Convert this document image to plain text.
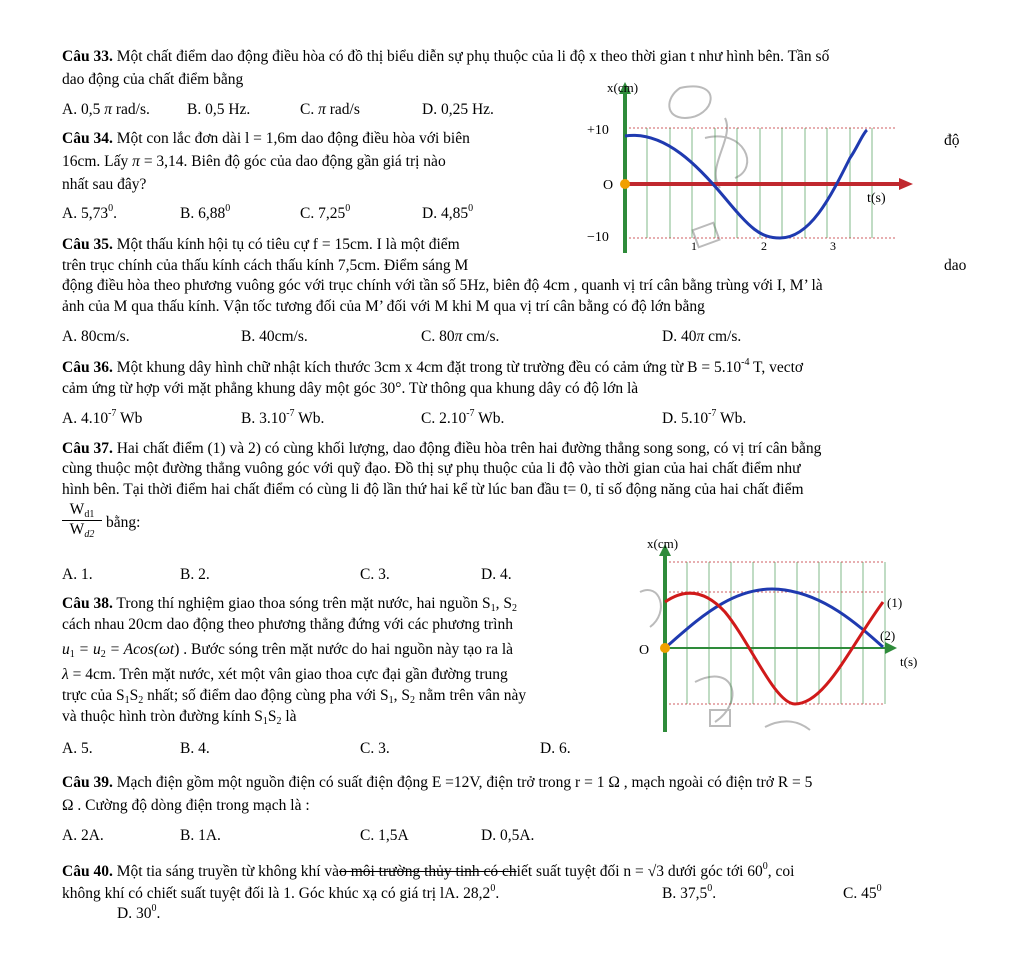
Câu 33. Một chất điểm dao động điều hòa có đồ thị biểu diễn sự phụ thuộc của li độ x theo thời gian t như hình bên. Tần số
dao động của chất điểm bằng
A. 0,5 π rad/s. B. 0,5 Hz.	C. π rad/s	D. 0,25 Hz.
Câu 34. Một con lắc đơn dài l = 1,6m dao động điều hòa với biên	độ
16cm. Lấy π = 3,14. Biên độ góc của dao động gần giá trị nào
nhất sau đây?
A. 5,73$^0$.	B. 6,88$^0$	C. 7,25$^0$	D. 4,85$^0$
Câu 35. Một thấu kính hội tụ có tiêu cự f = 15cm. I là một điểm
trên trục chính của thấu kính cách thấu kính 7,5cm. Điểm sáng M	dao
động điều hòa theo phương vuông góc với trục chính với tần số 5Hz, biên độ 4cm , quanh vị trí cân bằng trùng với I, M’ là
ảnh của M qua thấu kính. Vận tốc tương đối của M’ đối với M khi M qua vị trí cân bằng có độ lớn bằng
A. 80cm/s.	B. 40cm/s.	C. 80π cm/s.	D. 40π cm/s.
Câu 36. Một khung dây hình chữ nhật kích thước 3cm x 4cm đặt trong từ trường đều có cảm ứng từ $B = 5.10^{-4}$ T, vectơ
cảm ứng từ hợp với mặt phẳng khung dây một góc 30°. Từ thông qua khung dây có độ lớn là
A. $4.10^{-7}$ Wb	B. $3.10^{-7}$ Wb.	C. $2.10^{-7}$ Wb.	D. $5.10^{-7}$ Wb.
Câu 37. Hai chất điểm (1) và 2) có cùng khối lượng, dao động điều hòa trên hai đường thẳng song song, có vị trí cân bằng
cùng thuộc một đường thẳng vuông góc với quỹ đạo. Đồ thị sự phụ thuộc của li độ vào thời gian của hai chất điểm như
hình bên. Tại thời điểm hai chất điểm có cùng li độ lần thứ hai kể từ lúc ban đầu t= 0, tỉ số động năng của hai chất điểm
$\frac{W_{d1}}{W_{d2}}$ bằng:
A. 1.	B. 2.	C. 3.	D. 4.
Câu 38. Trong thí nghiệm giao thoa sóng trên mặt nước, hai nguồn $S_1$, $S_2$
cách nhau 20cm dao động theo phương thẳng đứng với các phương trình
$u_1 = u_2 = Acos(\omega t)$ . Bước sóng trên mặt nước do hai nguồn này tạo ra là
λ = 4cm. Trên mặt nước, xét một vân giao thoa cực đại gần đường trung
trực của $S_1S_2$ nhất; số điểm dao động cùng pha với $S_1$, $S_2$ nằm trên vân này
và thuộc hình tròn đường kính $S_1S_2$ là
A. 5.	B. 4.	C. 3.	D. 6.
Câu 39. Mạch điện gồm một nguồn điện có suất điện động E =12V, điện trở trong r = 1 Ω , mạch ngoài có điện trở R = 5
Ω . Cường độ dòng điện trong mạch là :
A. 2A.	B. 1A.	C. 1,5A	D. 0,5A.
Câu 40. Một tia sáng truyền từ không khí vào môi trường thủy tinh có chiết suất tuyệt đối n = √3 dưới góc tới $60^0$, coi
không khí có chiết suất tuyệt đối là 1. Góc khúc xạ có giá trị lA. 28,2$^0$.	B. 37,5$^0$.	C. $45^0$
D. $30^0$.
x(cm)
+10
O
−10
t(s)
1	2	3
x(cm)
O
(1)
(2)
t(s)
